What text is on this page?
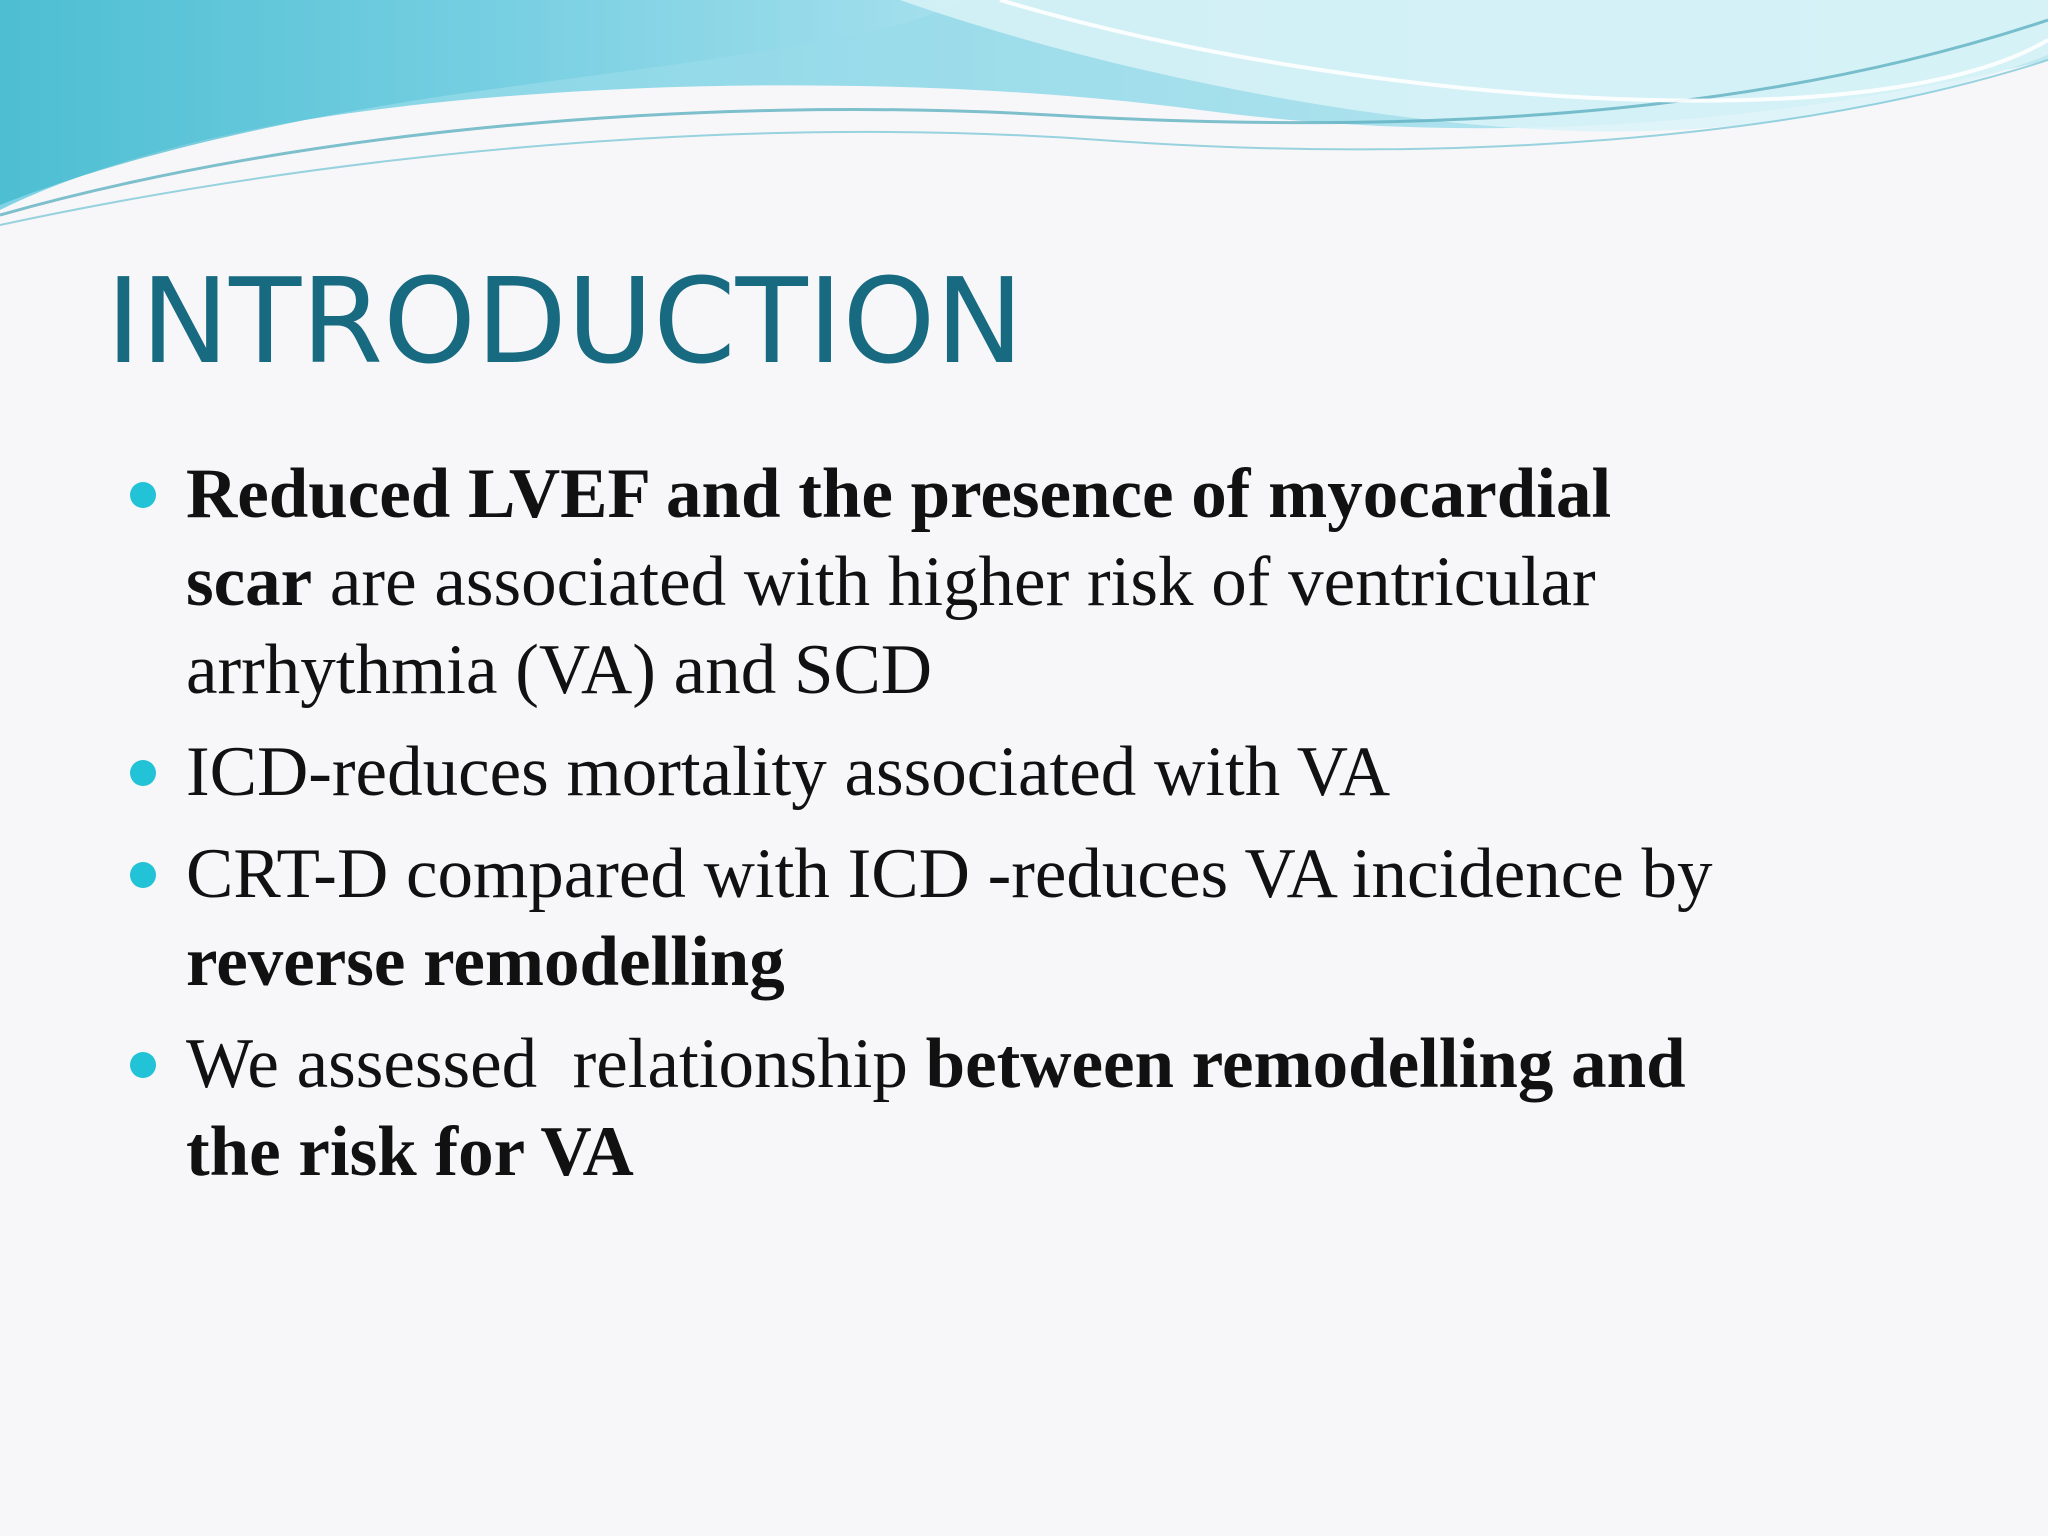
INTRODUCTION
Reduced LVEF and the presence of myocardial
scar are associated with higher risk of ventricular
arrhythmia (VA) and SCD
ICD-reduces mortality associated with VA
CRT-D compared with ICD -reduces VA incidence by
reverse remodelling
We assessed  relationship between remodelling and
the risk for VA
